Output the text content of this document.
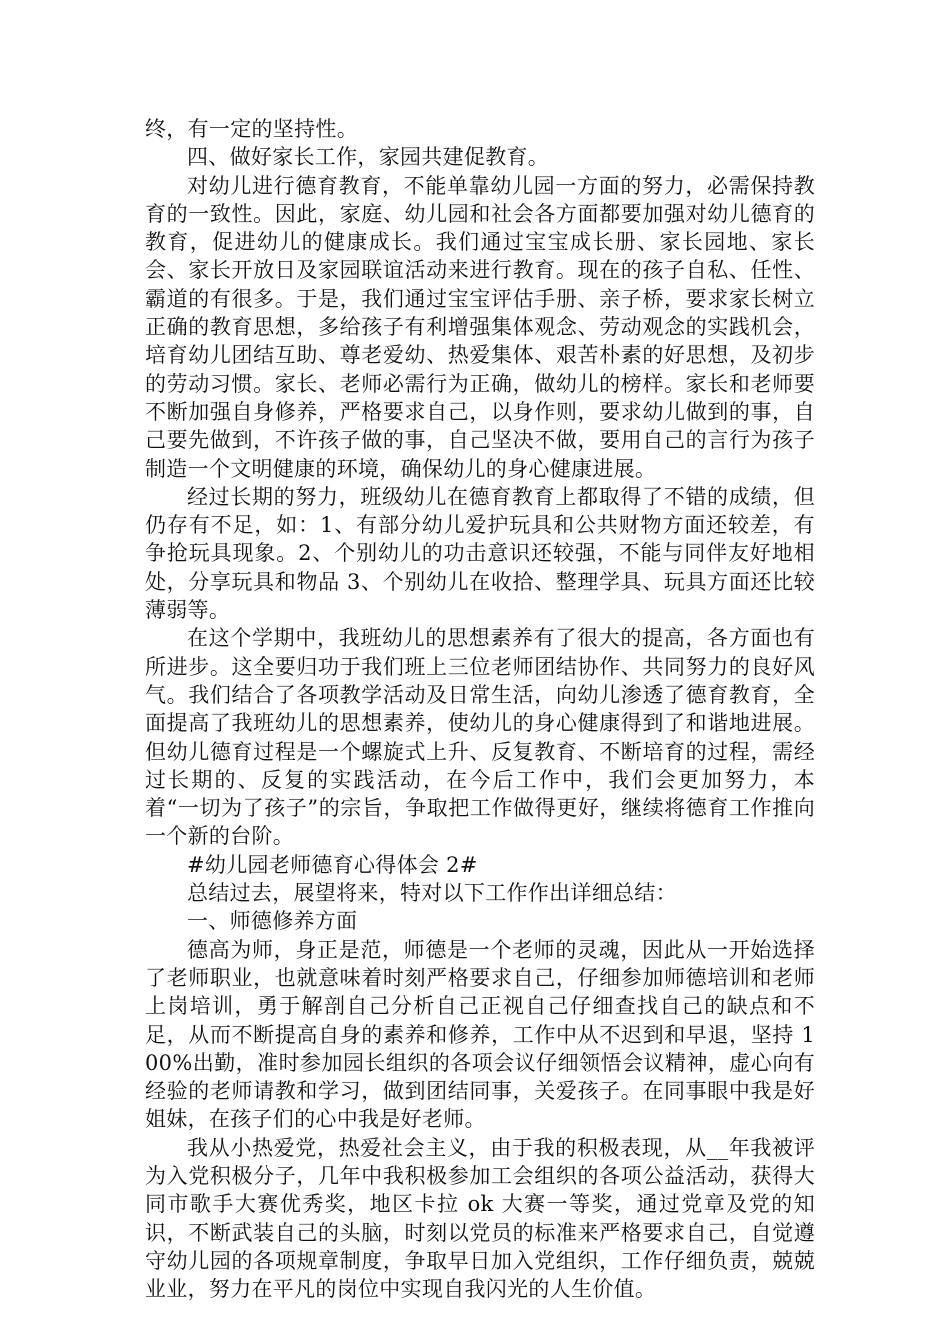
终，有一定的坚持性。

四、做好家长工作，家园共建促教育。

对幼儿进行德育教育，不能单靠幼儿园一方面的努力，必需保持教育的一致性。因此，家庭、幼儿园和社会各方面都要加强对幼儿德育的教育，促进幼儿的健康成长。我们通过宝宝成长册、家长园地、家长会、家长开放日及家园联谊活动来进行教育。现在的孩子自私、任性、霸道的有很多。于是，我们通过宝宝评估手册、亲子桥，要求家长树立正确的教育思想，多给孩子有利增强集体观念、劳动观念的实践机会，培育幼儿团结互助、尊老爱幼、热爱集体、艰苦朴素的好思想，及初步的劳动习惯。家长、老师必需行为正确，做幼儿的榜样。家长和老师要不断加强自身修养，严格要求自己，以身作则，要求幼儿做到的事，自己要先做到，不许孩子做的事，自己坚决不做，要用自己的言行为孩子制造一个文明健康的环境，确保幼儿的身心健康进展。

经过长期的努力，班级幼儿在德育教育上都取得了不错的成绩，但仍存有不足，如：1、有部分幼儿爱护玩具和公共财物方面还较差，有争抢玩具现象。2、个别幼儿的功击意识还较强，不能与同伴友好地相处，分享玩具和物品 3、个别幼儿在收拾、整理学具、玩具方面还比较薄弱等。

在这个学期中，我班幼儿的思想素养有了很大的提高，各方面也有所进步。这全要归功于我们班上三位老师团结协作、共同努力的良好风气。我们结合了各项教学活动及日常生活，向幼儿渗透了德育教育，全面提高了我班幼儿的思想素养，使幼儿的身心健康得到了和谐地进展。但幼儿德育过程是一个螺旋式上升、反复教育、不断培育的过程，需经过长期的、反复的实践活动，在今后工作中，我们会更加努力，本着“一切为了孩子”的宗旨，争取把工作做得更好，继续将德育工作推向一个新的台阶。

#幼儿园老师德育心得体会 2#

总结过去，展望将来，特对以下工作作出详细总结：

一、师德修养方面

德高为师，身正是范，师德是一个老师的灵魂，因此从一开始选择了老师职业，也就意味着时刻严格要求自己，仔细参加师德培训和老师上岗培训，勇于解剖自己分析自己正视自己仔细查找自己的缺点和不足，从而不断提高自身的素养和修养，工作中从不迟到和早退，坚持 100%出勤，准时参加园长组织的各项会议仔细领悟会议精神，虚心向有经验的老师请教和学习，做到团结同事，关爱孩子。在同事眼中我是好姐妹，在孩子们的心中我是好老师。

我从小热爱党，热爱社会主义，由于我的积极表现，从__年我被评为入党积极分子，几年中我积极参加工会组织的各项公益活动，获得大同市歌手大赛优秀奖，地区卡拉 ok 大赛一等奖，通过党章及党的知识，不断武装自己的头脑，时刻以党员的标准来严格要求自己，自觉遵守幼儿园的各项规章制度，争取早日加入党组织，工作仔细负责，兢兢业业，努力在平凡的岗位中实现自我闪光的人生价值。
